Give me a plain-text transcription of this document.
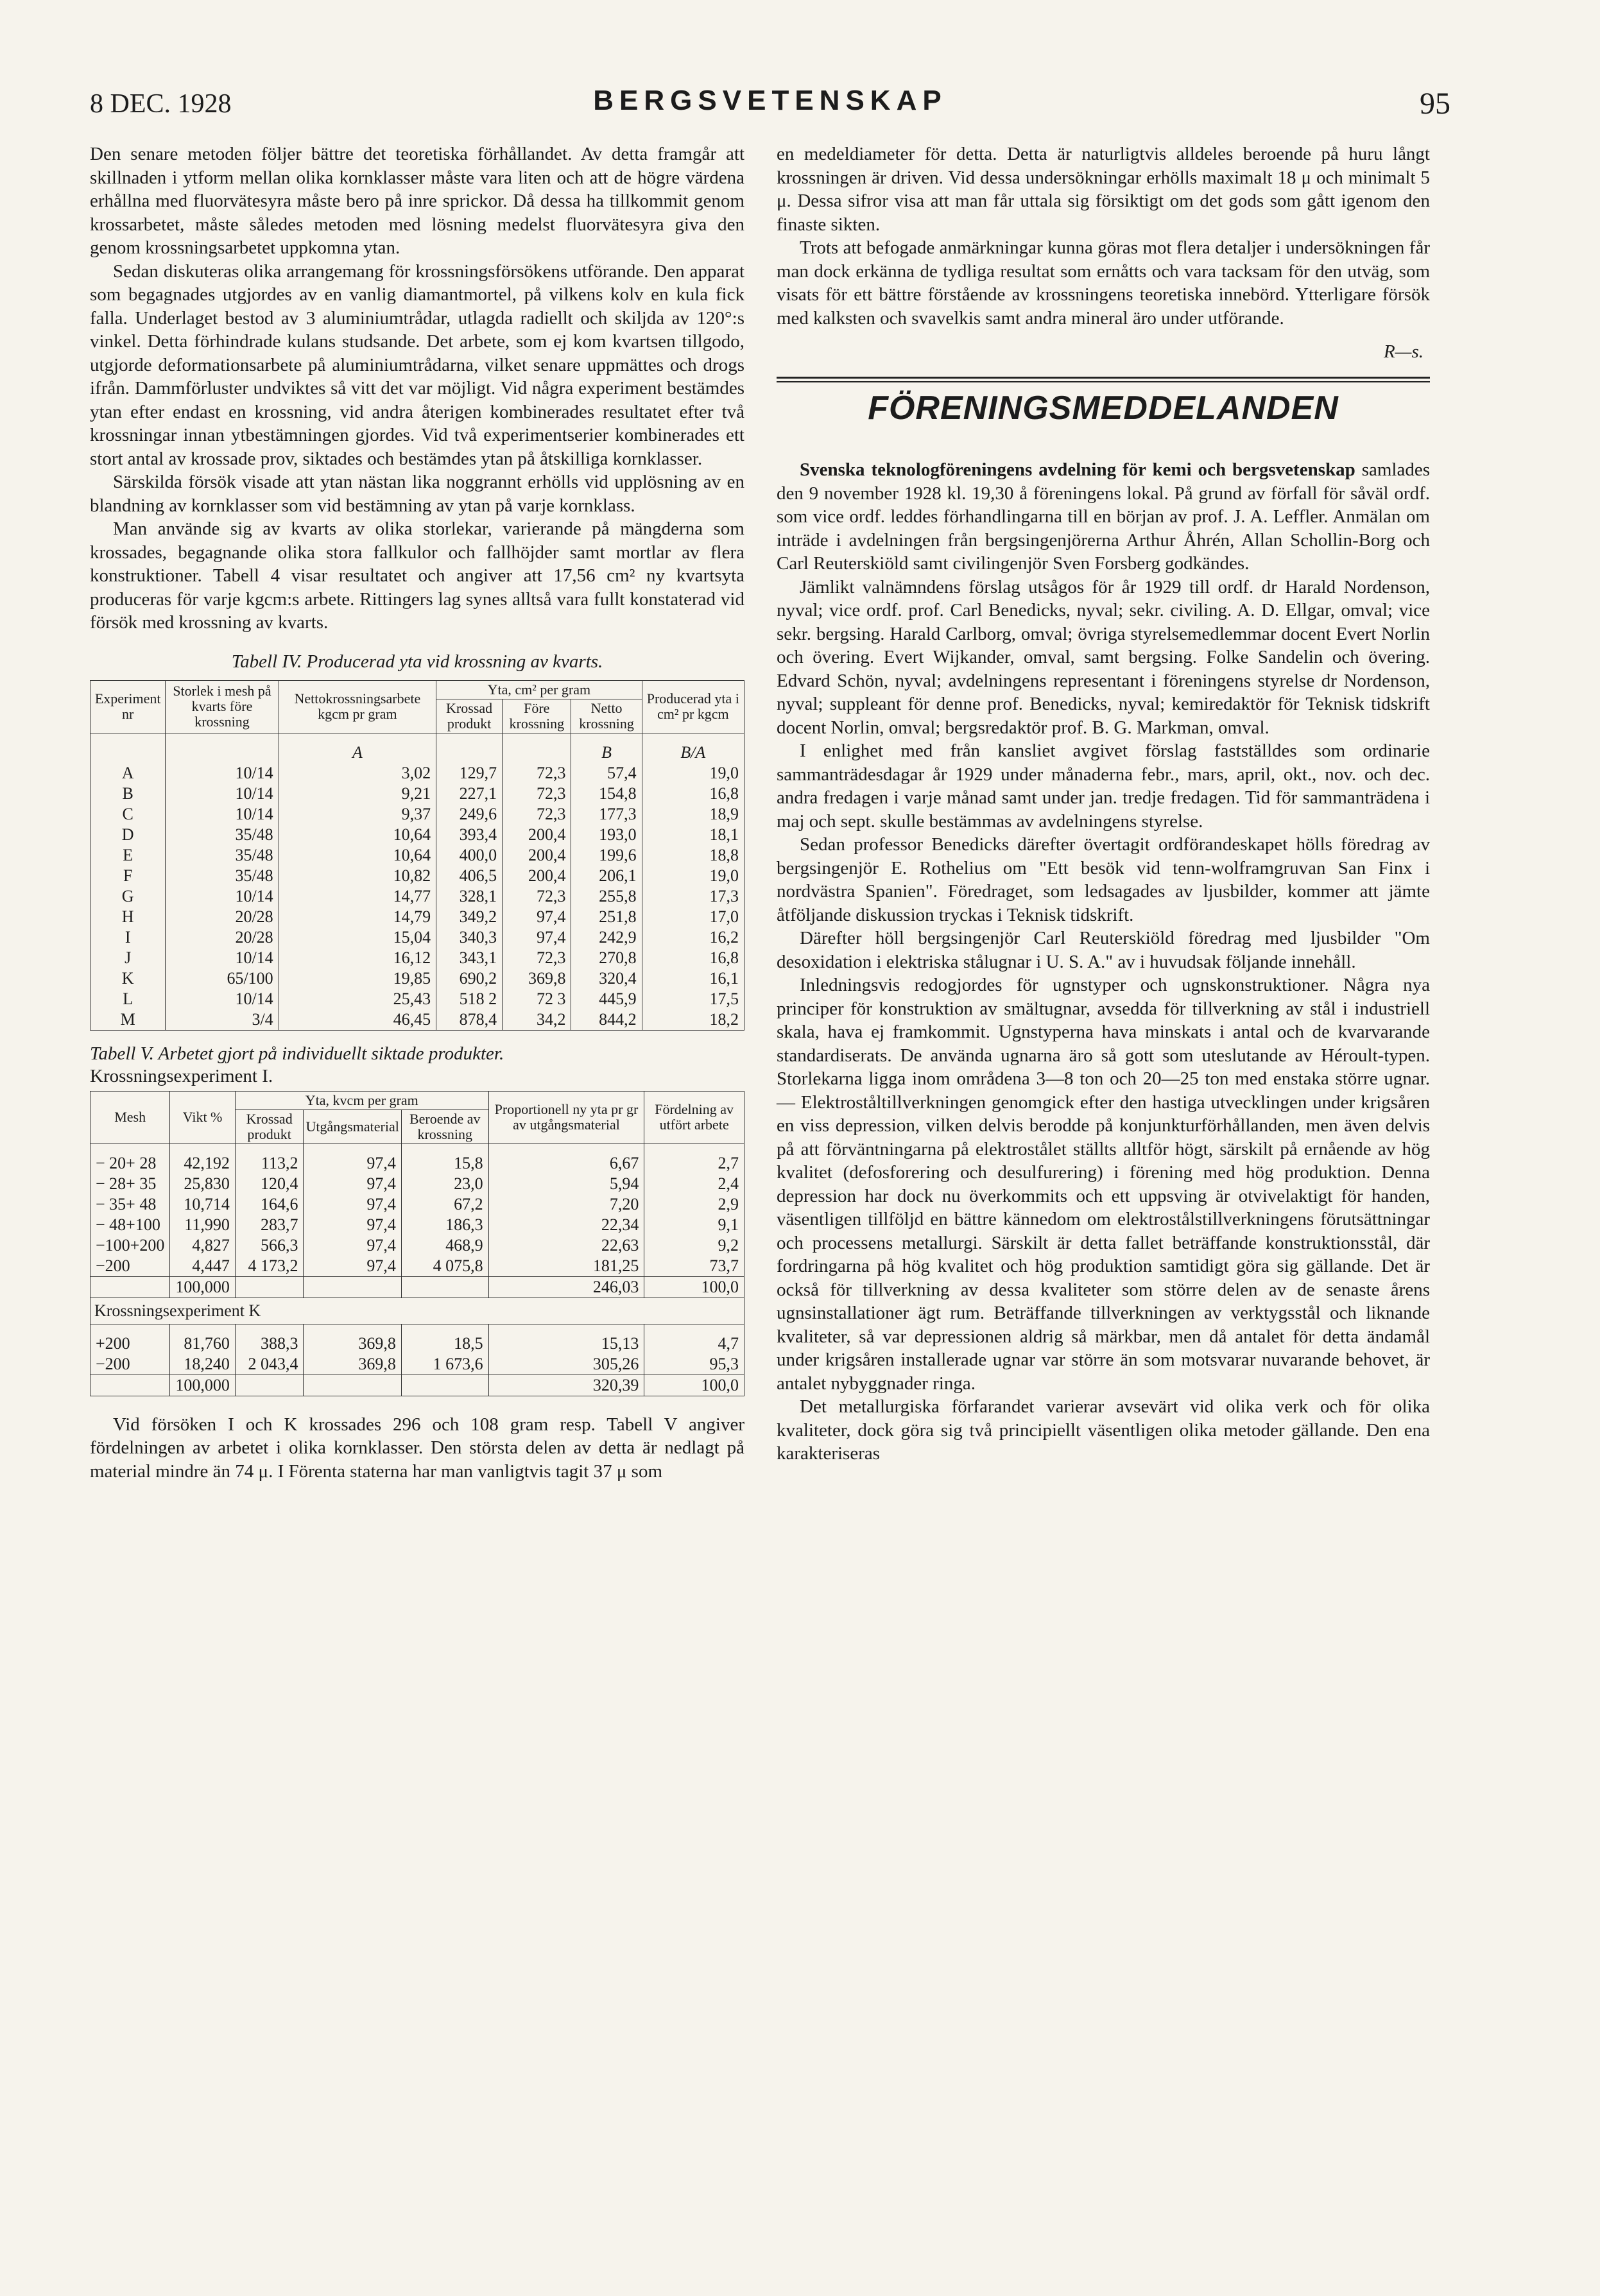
8 DEC. 1928	BERGSVETENSKAP	95

Den senare metoden följer bättre det teoretiska förhållandet. Av detta framgår att skillnaden i ytform mellan olika kornklasser måste vara liten och att de högre värdena erhållna med fluorvätesyra måste bero på inre sprickor. Då dessa ha tillkommit genom krossarbetet, måste således metoden med lösning medelst fluorvätesyra giva den genom krossningsarbetet uppkomna ytan.

Sedan diskuteras olika arrangemang för krossningsförsökens utförande. Den apparat som begagnades utgjordes av en vanlig diamantmortel, på vilkens kolv en kula fick falla. Underlaget bestod av 3 aluminiumtrådar, utlagda radiellt och skiljda av 120°:s vinkel. Detta förhindrade kulans studsande. Det arbete, som ej kom kvartsen tillgodo, utgjorde deformationsarbete på aluminiumtrådarna, vilket senare uppmättes och drogs ifrån. Dammförluster undviktes så vitt det var möjligt. Vid några experiment bestämdes ytan efter endast en krossning, vid andra återigen kombinerades resultatet efter två krossningar innan ytbestämningen gjordes. Vid två experimentserier kombinerades ett stort antal av krossade prov, siktades och bestämdes ytan på åtskilliga kornklasser.

Särskilda försök visade att ytan nästan lika noggrannt erhölls vid upplösning av en blandning av kornklasser som vid bestämning av ytan på varje kornklass.

Man använde sig av kvarts av olika storlekar, varierande på mängderna som krossades, begagnande olika stora fallkulor och fallhöjder samt mortlar av flera konstruktioner. Tabell 4 visar resultatet och angiver att 17,56 cm² ny kvartsyta produceras för varje kgcm:s arbete. Rittingers lag synes alltså vara fullt konstaterad vid försök med krossning av kvarts.

Tabell IV. Producerad yta vid krossning av kvarts.
Experiment nr	Storlek i mesh på kvarts före krossning	Nettokrossningsarbete kgcm pr gram	Yta, cm² per gram			Producerad yta i cm² pr kgcm
			Krossad produkt	Före krossning	Netto krossning	

		A			B	B/A
A	10/14	3,02	129,7	72,3	57,4	19,0
B	10/14	9,21	227,1	72,3	154,8	16,8
C	10/14	9,37	249,6	72,3	177,3	18,9
D	35/48	10,64	393,4	200,4	193,0	18,1
E	35/48	10,64	400,0	200,4	199,6	18,8
F	35/48	10,82	406,5	200,4	206,1	19,0
G	10/14	14,77	328,1	72,3	255,8	17,3
H	20/28	14,79	349,2	97,4	251,8	17,0
I	20/28	15,04	340,3	97,4	242,9	16,2
J	10/14	16,12	343,1	72,3	270,8	16,8
K	65/100	19,85	690,2	369,8	320,4	16,1
L	10/14	25,43	518 2	72 3	445,9	17,5
M	3/4	46,45	878,4	34,2	844,2	18,2
Tabell V. Arbetet gjort på individuellt siktade produkter.
Krossningsexperiment I.
Mesh	Vikt %	Yta, kvcm per gram			Proportionell ny yta pr gr av utgångsmaterial	Fördelning av utfört arbete
		Krossad produkt	Utgångsmaterial	Beroende av krossning		

− 20+ 28	42,192	113,2	97,4	15,8	6,67	2,7
− 28+ 35	25,830	120,4	97,4	23,0	5,94	2,4
− 35+ 48	10,714	164,6	97,4	67,2	7,20	2,9
− 48+100	11,990	283,7	97,4	186,3	22,34	9,1
−100+200	4,827	566,3	97,4	468,9	22,63	9,2
−200	4,447	4 173,2	97,4	4 075,8	181,25	73,7
	100,000				246,03	100,0
Krossningsexperiment K						

+200	81,760	388,3	369,8	18,5	15,13	4,7
−200	18,240	2 043,4	369,8	1 673,6	305,26	95,3
	100,000				320,39	100,0

Vid försöken I och K krossades 296 och 108 gram resp. Tabell V angiver fördelningen av arbetet i olika kornklasser. Den största delen av detta är nedlagt på material mindre än 74 μ. I Förenta staterna har man vanligtvis tagit 37 μ som

en medeldiameter för detta. Detta är naturligtvis alldeles beroende på huru långt krossningen är driven. Vid dessa undersökningar erhölls maximalt 18 μ och minimalt 5 μ. Dessa sifror visa att man får uttala sig försiktigt om det gods som gått igenom den finaste sikten.

Trots att befogade anmärkningar kunna göras mot flera detaljer i undersökningen får man dock erkänna de tydliga resultat som ernåtts och vara tacksam för den utväg, som visats för ett bättre förstående av krossningens teoretiska innebörd. Ytterligare försök med kalksten och svavelkis samt andra mineral äro under utförande.

R—s.
FÖRENINGSMEDDELANDEN

Svenska teknologföreningens avdelning för kemi och bergsvetenskap samlades den 9 november 1928 kl. 19,30 å föreningens lokal. På grund av förfall för såväl ordf. som vice ordf. leddes förhandlingarna till en början av prof. J. A. Leffler. Anmälan om inträde i avdelningen från bergsingenjörerna Arthur Åhrén, Allan Schollin-Borg och Carl Reuterskiöld samt civilingenjör Sven Forsberg godkändes.

Jämlikt valnämndens förslag utsågos för år 1929 till ordf. dr Harald Nordenson, nyval; vice ordf. prof. Carl Benedicks, nyval; sekr. civiling. A. D. Ellgar, omval; vice sekr. bergsing. Harald Carlborg, omval; övriga styrelsemedlemmar docent Evert Norlin och övering. Evert Wijkander, omval, samt bergsing. Folke Sandelin och övering. Edvard Schön, nyval; avdelningens representant i föreningens styrelse dr Nordenson, nyval; suppleant för denne prof. Benedicks, nyval; kemiredaktör för Teknisk tidskrift docent Norlin, omval; bergsredaktör prof. B. G. Markman, omval.

I enlighet med från kansliet avgivet förslag fastställdes som ordinarie sammanträdesdagar år 1929 under månaderna febr., mars, april, okt., nov. och dec. andra fredagen i varje månad samt under jan. tredje fredagen. Tid för sammanträdena i maj och sept. skulle bestämmas av avdelningens styrelse.

Sedan professor Benedicks därefter övertagit ordförandeskapet hölls föredrag av bergsingenjör E. Rothelius om "Ett besök vid tenn-wolframgruvan San Finx i nordvästra Spanien". Föredraget, som ledsagades av ljusbilder, kommer att jämte åtföljande diskussion tryckas i Teknisk tidskrift.

Därefter höll bergsingenjör Carl Reuterskiöld föredrag med ljusbilder "Om desoxidation i elektriska stålugnar i U. S. A." av i huvudsak följande innehåll.

Inledningsvis redogjordes för ugnstyper och ugnskonstruktioner. Några nya principer för konstruktion av smältugnar, avsedda för tillverkning av stål i industriell skala, hava ej framkommit. Ugnstyperna hava minskats i antal och de kvarvarande standardiserats. De använda ugnarna äro så gott som uteslutande av Héroult-typen. Storlekarna ligga inom områdena 3—8 ton och 20—25 ton med enstaka större ugnar. — Elektroståltillverkningen genomgick efter den hastiga utvecklingen under krigsåren en viss depression, vilken delvis berodde på konjunkturförhållanden, men även delvis på att förväntningarna på elektrostålet ställts alltför högt, särskilt på ernående av hög kvalitet (defosforering och desulfurering) i förening med hög produktion. Denna depression har dock nu överkommits och ett uppsving är otvivelaktigt för handen, väsentligen tillföljd en bättre kännedom om elektrostålstillverkningens förutsättningar och processens metallurgi. Särskilt är detta fallet beträffande konstruktionsstål, där fordringarna på hög kvalitet och hög produktion samtidigt göra sig gällande. Det är också för tillverkning av dessa kvaliteter som större delen av de senaste årens ugnsinstallationer ägt rum. Beträffande tillverkningen av verktygsstål och liknande kvaliteter, så var depressionen aldrig så märkbar, men då antalet för detta ändamål under krigsåren installerade ugnar var större än som motsvarar nuvarande behovet, är antalet nybyggnader ringa.

Det metallurgiska förfarandet varierar avsevärt vid olika verk och för olika kvaliteter, dock göra sig två principiellt väsentligen olika metoder gällande. Den ena karakteriseras
